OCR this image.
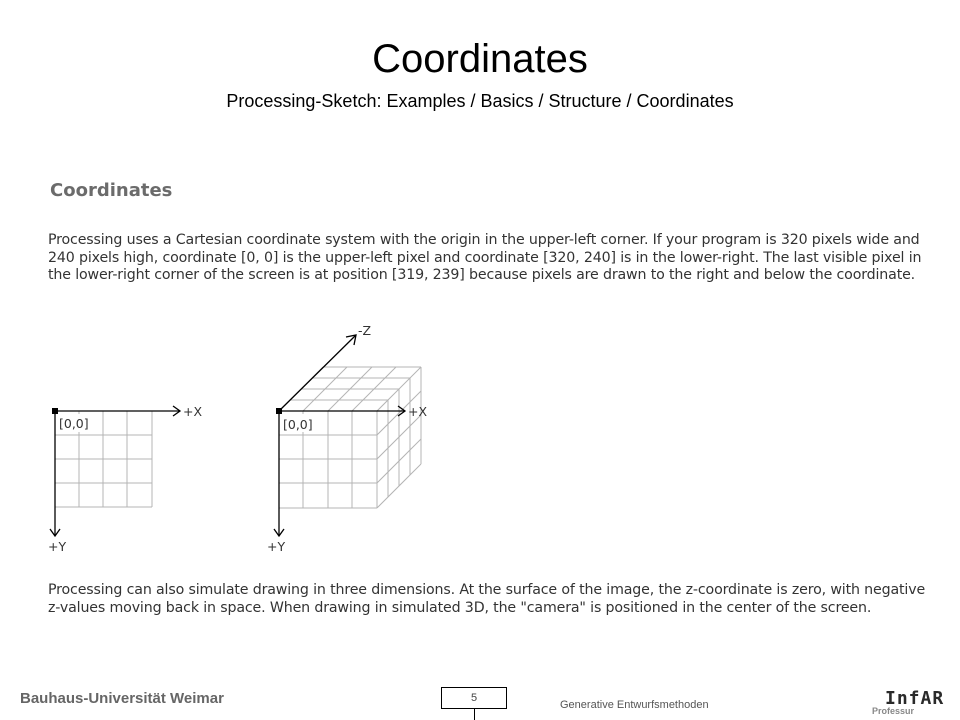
Coordinates
Processing-Sketch: Examples / Basics / Structure / Coordinates
Coordinates
Processing uses a Cartesian coordinate system with the origin in the upper-left corner. If your program is 320 pixels wide and 240 pixels high, coordinate [0, 0] is the upper-left pixel and coordinate [320, 240] is in the lower-right. The last visible pixel in the lower-right corner of the screen is at position [319, 239] because pixels are drawn to the right and below the coordinate.
[0,0]
+X
+Y
[0,0]
+X
+Y
-Z
Processing can also simulate drawing in three dimensions. At the surface of the image, the z-coordinate is zero, with negative z-values moving back in space. When drawing in simulated 3D, the "camera" is positioned in the center of the screen.
Bauhaus-Universität Weimar	5
Generative Entwurfsmethoden	InfAR
Professur
